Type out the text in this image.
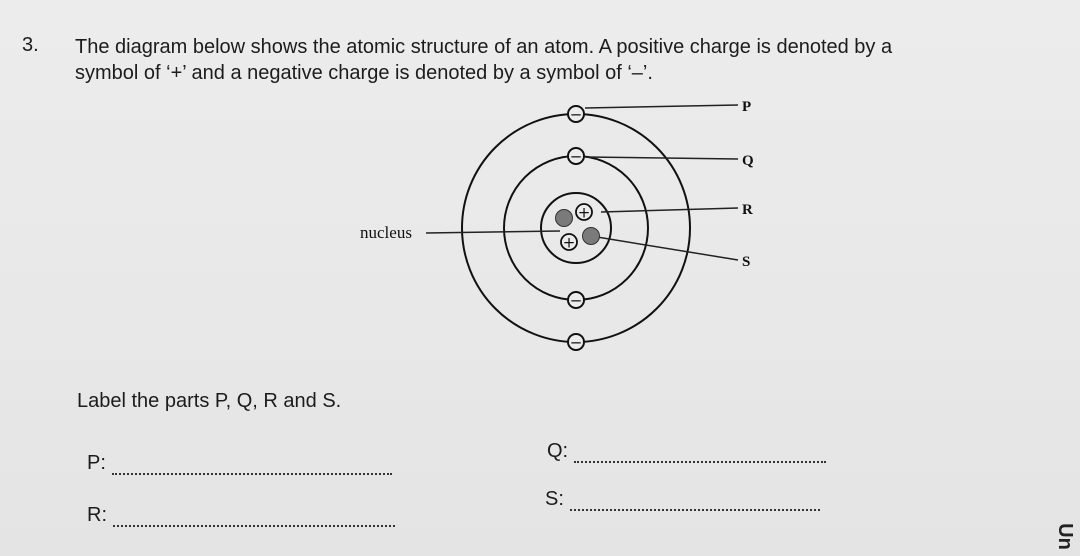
3. The diagram below shows the atomic structure of an atom. A positive charge is denoted by a
symbol of ‘+’ and a negative charge is denoted by a symbol of ‘–’.
P
Q
R
S
nucleus
−
−
−
−
+
+
Label the parts P, Q, R and S.
P:
Q:
R:
S:
Un
